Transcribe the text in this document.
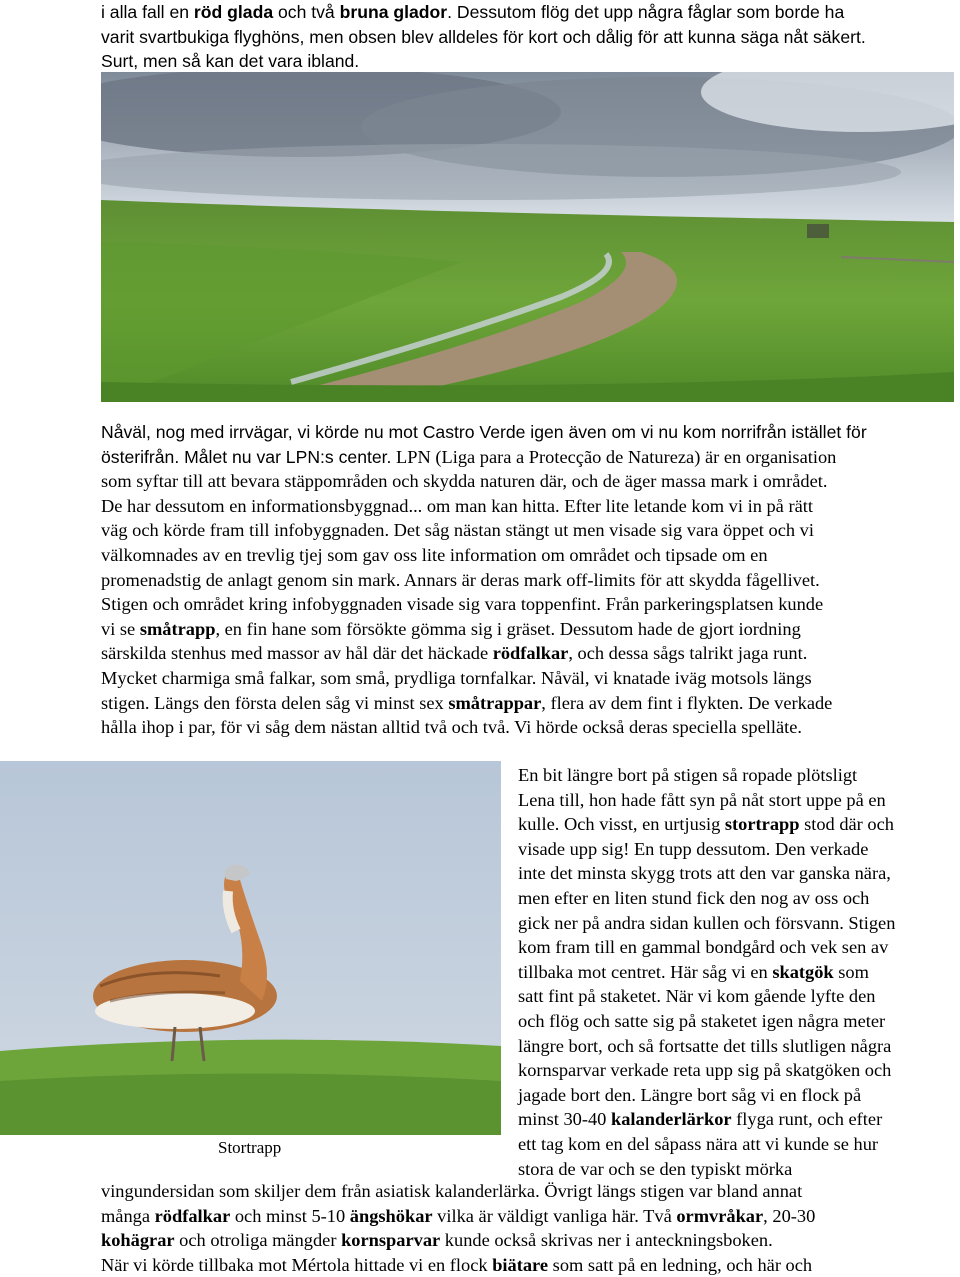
i alla fall en röd glada och två bruna glador. Dessutom flög det upp några fåglar som borde ha
varit svartbukiga flyghöns, men obsen blev alldeles för kort och dålig för att kunna säga nåt säkert.
Surt, men så kan det vara ibland.
Nåväl, nog med irrvägar, vi körde nu mot Castro Verde igen även om vi nu kom norrifrån istället för
österifrån. Målet nu var LPN:s center. LPN (Liga para a Protecção de Natureza) är en organisation
som syftar till att bevara stäppområden och skydda naturen där, och de äger massa mark i området.
De har dessutom en informationsbyggnad... om man kan hitta. Efter lite letande kom vi in på rätt
väg och körde fram till infobyggnaden. Det såg nästan stängt ut men visade sig vara öppet och vi
välkomnades av en trevlig tjej som gav oss lite information om området och tipsade om en
promenadstig de anlagt genom sin mark. Annars är deras mark off-limits för att skydda fågellivet.
Stigen och området kring infobyggnaden visade sig vara toppenfint. Från parkeringsplatsen kunde
vi se småtrapp, en fin hane som försökte gömma sig i gräset. Dessutom hade de gjort iordning
särskilda stenhus med massor av hål där det häckade rödfalkar, och dessa sågs talrikt jaga runt.
Mycket charmiga små falkar, som små, prydliga tornfalkar. Nåväl, vi knatade iväg motsols längs
stigen. Längs den första delen såg vi minst sex småtrappar, flera av dem fint i flykten. De verkade
hålla ihop i par, för vi såg dem nästan alltid två och två. Vi hörde också deras speciella spelläte.
Stortrapp
En bit längre bort på stigen så ropade plötsligt
Lena till, hon hade fått syn på nåt stort uppe på en
kulle. Och visst, en urtjusig stortrapp stod där och
visade upp sig! En tupp dessutom. Den verkade
inte det minsta skygg trots att den var ganska nära,
men efter en liten stund fick den nog av oss och
gick ner på andra sidan kullen och försvann. Stigen
kom fram till en gammal bondgård och vek sen av
tillbaka mot centret. Här såg vi en skatgök som
satt fint på staketet. När vi kom gående lyfte den
och flög och satte sig på staketet igen några meter
längre bort, och så fortsatte det tills slutligen några
kornsparvar verkade reta upp sig på skatgöken och
jagade bort den. Längre bort såg vi en flock på
minst 30-40 kalanderlärkor flyga runt, och efter
ett tag kom en del såpass nära att vi kunde se hur
stora de var och se den typiskt mörka
vingundersidan som skiljer dem från asiatisk kalanderlärka. Övrigt längs stigen var bland annat
många rödfalkar och minst 5-10 ängshökar vilka är väldigt vanliga här. Två ormvråkar, 20-30
kohägrar och otroliga mängder kornsparvar kunde också skrivas ner i anteckningsboken.
När vi körde tillbaka mot Mértola hittade vi en flock biätare som satt på en ledning, och här och
